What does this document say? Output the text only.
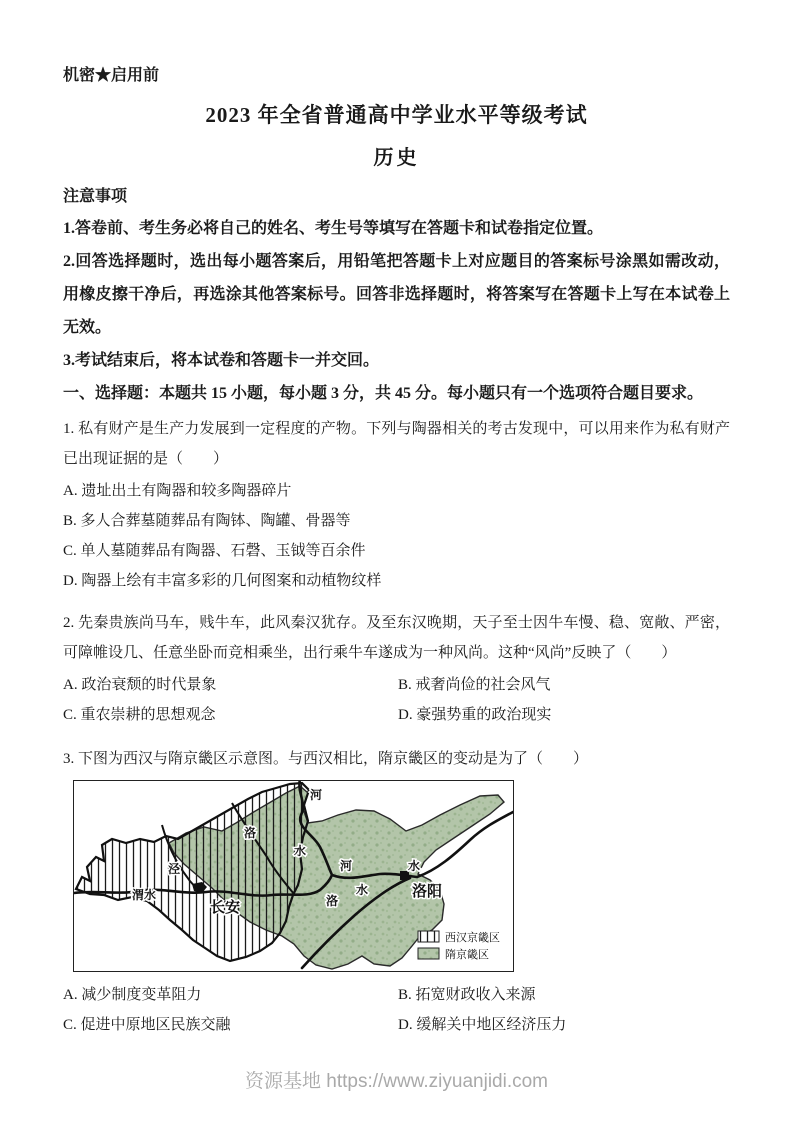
机密★启用前
2023 年全省普通高中学业水平等级考试
历史
注意事项

1.答卷前、考生务必将自己的姓名、考生号等填写在答题卡和试卷指定位置。

2.回答选择题时，选出每小题答案后，用铅笔把答题卡上对应题目的答案标号涂黑如需改动，用橡皮擦干净后，再选涂其他答案标号。回答非选择题时，将答案写在答题卡上写在本试卷上无效。

3.考试结束后，将本试卷和答题卡一并交回。

一、选择题：本题共 15 小题，每小题 3 分，共 45 分。每小题只有一个选项符合题目要求。

1. 私有财产是生产力发展到一定程度的产物。下列与陶器相关的考古发现中，可以用来作为私有财产已出现证据的是（　　）

A. 遗址出土有陶器和较多陶器碎片

B. 多人合葬墓随葬品有陶钵、陶罐、骨器等

C. 单人墓随葬品有陶器、石磬、玉钺等百余件

D. 陶器上绘有丰富多彩的几何图案和动植物纹样

2. 先秦贵族尚马车，贱牛车，此风秦汉犹存。及至东汉晚期，天子至士因牛车慢、稳、宽敞、严密，可障帷设几、任意坐卧而竞相乘坐，出行乘牛车遂成为一种风尚。这种“风尚”反映了（　　）

A. 政治衰颓的时代景象	B. 戒奢尚俭的社会风气
C. 重农崇耕的思想观念	D. 豪强势重的政治现实

3. 下图为西汉与隋京畿区示意图。与西汉相比，隋京畿区的变动是为了（　　）

河
洛
水
泾
渭水
长安
河	水
洛
水	洛阳
西汉京畿区
隋京畿区
A. 减少制度变革阻力	B. 拓宽财政收入来源
C. 促进中原地区民族交融	D. 缓解关中地区经济压力
资源基地 https://www.ziyuanjidi.com
